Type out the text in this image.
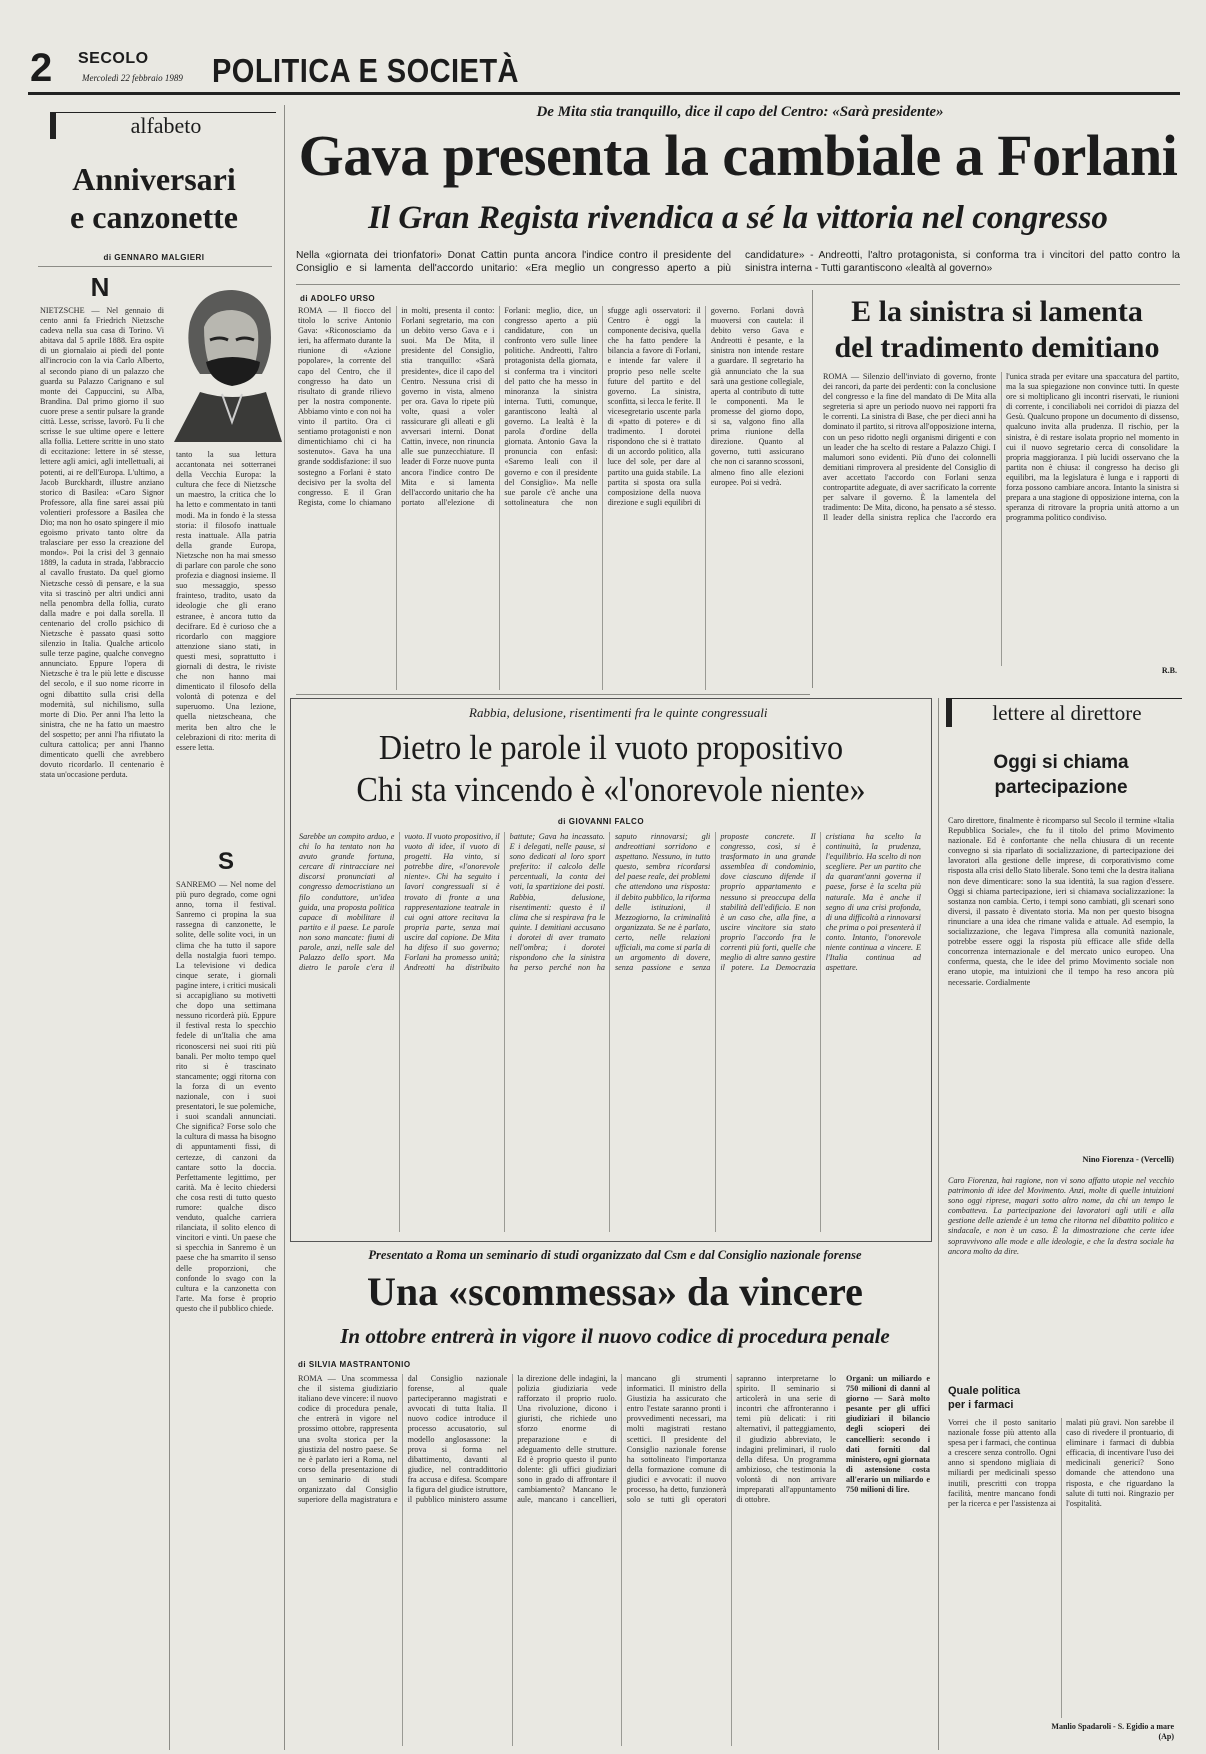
2 SECOLO
Mercoledì 22 febbraio 1989 POLITICA E SOCIETÀ
alfabeto
Anniversari
e canzonette
di GENNARO MALGIERI
N
NIETZSCHE — Nel gennaio di cento anni fa Friedrich Nietzsche cadeva nella sua casa di Torino. Vi abitava dal 5 aprile 1888. Era ospite di un giornalaio ai piedi del ponte all'incrocio con la via Carlo Alberto, al secondo piano di un palazzo che guarda su Palazzo Carignano e sul monte dei Cappuccini, su Alba, Brandina. Dal primo giorno il suo cuore prese a sentir pulsare la grande città. Lesse, scrisse, lavorò. Fu lì che scrisse le sue ultime opere e lettere alla follia. Lettere scritte in uno stato di eccitazione: lettere in sé stesse, lettere agli amici, agli intellettuali, ai potenti, ai re dell'Europa. L'ultimo, a Jacob Burckhardt, illustre anziano storico di Basilea: «Caro Signor Professore, alla fine sarei assai più volentieri professore a Basilea che Dio; ma non ho osato spingere il mio egoismo privato tanto oltre da tralasciare per esso la creazione del mondo». Poi la crisi del 3 gennaio 1889, la caduta in strada, l'abbraccio al cavallo frustato. Da quel giorno Nietzsche cessò di pensare, e la sua vita si trascinò per altri undici anni nella penombra della follia, curato dalla madre e poi dalla sorella. Il centenario del crollo psichico di Nietzsche è passato quasi sotto silenzio in Italia. Qualche articolo sulle terze pagine, qualche convegno annunciato. Eppure l'opera di Nietzsche è tra le più lette e discusse del secolo, e il suo nome ricorre in ogni dibattito sulla crisi della modernità, sul nichilismo, sulla morte di Dio. Per anni l'ha letto la sinistra, che ne ha fatto un maestro del sospetto; per anni l'ha rifiutato la cultura cattolica; per anni l'hanno dimenticato quelli che avrebbero dovuto ricordarlo. Il centenario è stata un'occasione perduta.
tanto la sua lettura accantonata nei sotterranei della Vecchia Europa: la cultura che fece di Nietzsche un maestro, la critica che lo ha letto e commentato in tanti modi. Ma in fondo è la stessa storia: il filosofo inattuale resta inattuale. Alla patria della grande Europa, Nietzsche non ha mai smesso di parlare con parole che sono profezia e diagnosi insieme. Il suo messaggio, spesso frainteso, tradito, usato da ideologie che gli erano estranee, è ancora tutto da decifrare. Ed è curioso che a ricordarlo con maggiore attenzione siano stati, in questi mesi, soprattutto i giornali di destra, le riviste che non hanno mai dimenticato il filosofo della volontà di potenza e del superuomo. Una lezione, quella nietzscheana, che merita ben altro che le celebrazioni di rito: merita di essere letta.
S
SANREMO — Nel nome del più puro degrado, come ogni anno, torna il festival. Sanremo ci propina la sua rassegna di canzonette, le solite, delle solite voci, in un clima che ha tutto il sapore della nostalgia fuori tempo. La televisione vi dedica cinque serate, i giornali pagine intere, i critici musicali si accapigliano su motivetti che dopo una settimana nessuno ricorderà più. Eppure il festival resta lo specchio fedele di un'Italia che ama riconoscersi nei suoi riti più banali. Per molto tempo quel rito si è trascinato stancamente; oggi ritorna con la forza di un evento nazionale, con i suoi presentatori, le sue polemiche, i suoi scandali annunciati. Che significa? Forse solo che la cultura di massa ha bisogno di appuntamenti fissi, di certezze, di canzoni da cantare sotto la doccia. Perfettamente legittimo, per carità. Ma è lecito chiedersi che cosa resti di tutto questo rumore: qualche disco venduto, qualche carriera rilanciata, il solito elenco di vincitori e vinti. Un paese che si specchia in Sanremo è un paese che ha smarrito il senso delle proporzioni, che confonde lo svago con la cultura e la canzonetta con l'arte. Ma forse è proprio questo che il pubblico chiede.
De Mita stia tranquillo, dice il capo del Centro: «Sarà presidente»
Gava presenta la cambiale a Forlani
Il Gran Regista rivendica a sé la vittoria nel congresso
Nella «giornata dei trionfatori» Donat Cattin punta ancora l'indice contro il presidente del Consiglio e si lamenta dell'accordo unitario: «Era meglio un congresso aperto a più candidature» - Andreotti, l'altro protagonista, si conforma tra i vincitori del patto contro la sinistra interna - Tutti garantiscono «lealtà al governo»
di ADOLFO URSO
ROMA — Il fiocco del titolo lo scrive Antonio Gava: «Riconosciamo da ieri, ha affermato durante la riunione di «Azione popolare», la corrente del capo del Centro, che il congresso ha dato un risultato di grande rilievo per la nostra componente. Abbiamo vinto e con noi ha vinto il partito. Ora ci sentiamo protagonisti e non dimentichiamo chi ci ha sostenuto». Gava ha una grande soddisfazione: il suo sostegno a Forlani è stato decisivo per la svolta del congresso. E il Gran Regista, come lo chiamano in molti, presenta il conto: Forlani segretario, ma con un debito verso Gava e i suoi. Ma De Mita, il presidente del Consiglio, stia tranquillo: «Sarà presidente», dice il capo del Centro. Nessuna crisi di governo in vista, almeno per ora. Gava lo ripete più volte, quasi a voler rassicurare gli alleati e gli avversari interni. Donat Cattin, invece, non rinuncia alle sue punzecchiature. Il leader di Forze nuove punta ancora l'indice contro De Mita e si lamenta dell'accordo unitario che ha portato all'elezione di Forlani: meglio, dice, un congresso aperto a più candidature, con un confronto vero sulle linee politiche. Andreotti, l'altro protagonista della giornata, si conferma tra i vincitori del patto che ha messo in minoranza la sinistra interna. Tutti, comunque, garantiscono lealtà al governo. La lealtà è la parola d'ordine della giornata. Antonio Gava la pronuncia con enfasi: «Saremo leali con il governo e con il presidente del Consiglio». Ma nelle sue parole c'è anche una sottolineatura che non sfugge agli osservatori: il Centro è oggi la componente decisiva, quella che ha fatto pendere la bilancia a favore di Forlani, e intende far valere il proprio peso nelle scelte future del partito e del governo. La sinistra, sconfitta, si lecca le ferite. Il vicesegretario uscente parla di «patto di potere» e di tradimento. I dorotei rispondono che si è trattato di un accordo politico, alla luce del sole, per dare al partito una guida stabile. La partita si sposta ora sulla composizione della nuova direzione e sugli equilibri di governo. Forlani dovrà muoversi con cautela: il debito verso Gava e Andreotti è pesante, e la sinistra non intende restare a guardare. Il segretario ha già annunciato che la sua sarà una gestione collegiale, aperta al contributo di tutte le componenti. Ma le promesse del giorno dopo, si sa, valgono fino alla prima riunione della direzione. Quanto al governo, tutti assicurano che non ci saranno scossoni, almeno fino alle elezioni europee. Poi si vedrà.
E la sinistra si lamenta
del tradimento demitiano
ROMA — Silenzio dell'inviato di governo, fronte dei rancori, da parte dei perdenti: con la conclusione del congresso e la fine del mandato di De Mita alla segreteria si apre un periodo nuovo nei rapporti fra le correnti. La sinistra di Base, che per dieci anni ha dominato il partito, si ritrova all'opposizione interna, con un peso ridotto negli organismi dirigenti e con un leader che ha scelto di restare a Palazzo Chigi. I malumori sono evidenti. Più d'uno dei colonnelli demitiani rimprovera al presidente del Consiglio di aver accettato l'accordo con Forlani senza contropartite adeguate, di aver sacrificato la corrente per salvare il governo. È la lamentela del tradimento: De Mita, dicono, ha pensato a sé stesso. Il leader della sinistra replica che l'accordo era l'unica strada per evitare una spaccatura del partito, ma la sua spiegazione non convince tutti. In queste ore si moltiplicano gli incontri riservati, le riunioni di corrente, i conciliaboli nei corridoi di piazza del Gesù. Qualcuno propone un documento di dissenso, qualcuno invita alla prudenza. Il rischio, per la sinistra, è di restare isolata proprio nel momento in cui il nuovo segretario cerca di consolidare la propria maggioranza. I più lucidi osservano che la partita non è chiusa: il congresso ha deciso gli equilibri, ma la legislatura è lunga e i rapporti di forza possono cambiare ancora. Intanto la sinistra si prepara a una stagione di opposizione interna, con la speranza di ritrovare la propria unità attorno a un programma politico condiviso.
R.B.
Rabbia, delusione, risentimenti fra le quinte congressuali
Dietro le parole il vuoto propositivo
Chi sta vincendo è «l'onorevole niente»
di GIOVANNI FALCO
Sarebbe un compito arduo, e chi lo ha tentato non ha avuto grande fortuna, cercare di rintracciare nei discorsi pronunciati al congresso democristiano un filo conduttore, un'idea guida, una proposta politica capace di mobilitare il partito e il paese. Le parole non sono mancate: fiumi di parole, anzi, nelle sale del Palazzo dello sport. Ma dietro le parole c'era il vuoto. Il vuoto propositivo, il vuoto di idee, il vuoto di progetti. Ha vinto, si potrebbe dire, «l'onorevole niente». Chi ha seguito i lavori congressuali si è trovato di fronte a una rappresentazione teatrale in cui ogni attore recitava la propria parte, senza mai uscire dal copione. De Mita ha difeso il suo governo; Forlani ha promesso unità; Andreotti ha distribuito battute; Gava ha incassato. E i delegati, nelle pause, si sono dedicati al loro sport preferito: il calcolo delle percentuali, la conta dei voti, la spartizione dei posti. Rabbia, delusione, risentimenti: questo è il clima che si respirava fra le quinte. I demitiani accusano i dorotei di aver tramato nell'ombra; i dorotei rispondono che la sinistra ha perso perché non ha saputo rinnovarsi; gli andreottiani sorridono e aspettano. Nessuno, in tutto questo, sembra ricordarsi del paese reale, dei problemi che attendono una risposta: il debito pubblico, la riforma delle istituzioni, il Mezzogiorno, la criminalità organizzata. Se ne è parlato, certo, nelle relazioni ufficiali, ma come si parla di un argomento di dovere, senza passione e senza proposte concrete. Il congresso, così, si è trasformato in una grande assemblea di condominio, dove ciascuno difende il proprio appartamento e nessuno si preoccupa della stabilità dell'edificio. E non è un caso che, alla fine, a uscire vincitore sia stato proprio l'accordo fra le correnti più forti, quelle che meglio di altre sanno gestire il potere. La Democrazia cristiana ha scelto la continuità, la prudenza, l'equilibrio. Ha scelto di non scegliere. Per un partito che da quarant'anni governa il paese, forse è la scelta più naturale. Ma è anche il segno di una crisi profonda, di una difficoltà a rinnovarsi che prima o poi presenterà il conto. Intanto, l'onorevole niente continua a vincere. E l'Italia continua ad aspettare.
Presentato a Roma un seminario di studi organizzato dal Csm e dal Consiglio nazionale forense
Una «scommessa» da vincere
In ottobre entrerà in vigore il nuovo codice di procedura penale
di SILVIA MASTRANTONIO
ROMA — Una scommessa che il sistema giudiziario italiano deve vincere: il nuovo codice di procedura penale, che entrerà in vigore nel prossimo ottobre, rappresenta una svolta storica per la giustizia del nostro paese. Se ne è parlato ieri a Roma, nel corso della presentazione di un seminario di studi organizzato dal Consiglio superiore della magistratura e dal Consiglio nazionale forense, al quale parteciperanno magistrati e avvocati di tutta Italia. Il nuovo codice introduce il processo accusatorio, sul modello anglosassone: la prova si forma nel dibattimento, davanti al giudice, nel contraddittorio fra accusa e difesa. Scompare la figura del giudice istruttore, il pubblico ministero assume la direzione delle indagini, la polizia giudiziaria vede rafforzato il proprio ruolo. Una rivoluzione, dicono i giuristi, che richiede uno sforzo enorme di preparazione e di adeguamento delle strutture. Ed è proprio questo il punto dolente: gli uffici giudiziari sono in grado di affrontare il cambiamento? Mancano le aule, mancano i cancellieri, mancano gli strumenti informatici. Il ministro della Giustizia ha assicurato che entro l'estate saranno pronti i provvedimenti necessari, ma molti magistrati restano scettici. Il presidente del Consiglio nazionale forense ha sottolineato l'importanza della formazione comune di giudici e avvocati: il nuovo processo, ha detto, funzionerà solo se tutti gli operatori sapranno interpretarne lo spirito. Il seminario si articolerà in una serie di incontri che affronteranno i temi più delicati: i riti alternativi, il patteggiamento, il giudizio abbreviato, le indagini preliminari, il ruolo della difesa. Un programma ambizioso, che testimonia la volontà di non arrivare impreparati all'appuntamento di ottobre.
Organi: un miliardo e 750 milioni di danni al giorno — Sarà molto pesante per gli uffici giudiziari il bilancio degli scioperi dei cancellieri: secondo i dati forniti dal ministero, ogni giornata di astensione costa all'erario un miliardo e 750 milioni di lire.
lettere al direttore
Oggi si chiama
partecipazione
Caro direttore, finalmente è ricomparso sul Secolo il termine «Italia Repubblica Sociale», che fu il titolo del primo Movimento nazionale. Ed è confortante che nella chiusura di un recente convegno si sia riparlato di socializzazione, di partecipazione dei lavoratori alla gestione delle imprese, di corporativismo come risposta alla crisi dello Stato liberale. Sono temi che la destra italiana non deve dimenticare: sono la sua identità, la sua ragion d'essere. Oggi si chiama partecipazione, ieri si chiamava socializzazione: la sostanza non cambia. Certo, i tempi sono cambiati, gli scenari sono diversi, il passato è diventato storia. Ma non per questo bisogna rinunciare a una idea che rimane valida e attuale. Ad esempio, la socializzazione, che legava l'impresa alla comunità nazionale, potrebbe essere oggi la risposta più efficace alle sfide della concorrenza internazionale e del mercato unico europeo. Una conferma, questa, che le idee del primo Movimento sociale non erano utopie, ma intuizioni che il tempo ha reso ancora più necessarie. Cordialmente
Nino Fiorenza - (Vercelli)
Caro Fiorenza, hai ragione, non vi sono affatto utopie nel vecchio patrimonio di idee del Movimento. Anzi, molte di quelle intuizioni sono oggi riprese, magari sotto altro nome, da chi un tempo le combatteva. La partecipazione dei lavoratori agli utili e alla gestione delle aziende è un tema che ritorna nel dibattito politico e sindacale, e non è un caso. È la dimostrazione che certe idee sopravvivono alle mode e alle ideologie, e che la destra sociale ha ancora molto da dire.
Quale politica
per i farmaci
Vorrei che il posto sanitario nazionale fosse più attento alla spesa per i farmaci, che continua a crescere senza controllo. Ogni anno si spendono migliaia di miliardi per medicinali spesso inutili, prescritti con troppa facilità, mentre mancano fondi per la ricerca e per l'assistenza ai malati più gravi. Non sarebbe il caso di rivedere il prontuario, di eliminare i farmaci di dubbia efficacia, di incentivare l'uso dei medicinali generici? Sono domande che attendono una risposta, e che riguardano la salute di tutti noi. Ringrazio per l'ospitalità.
Manlio Spadaroli - S. Egidio a mare (Ap)
